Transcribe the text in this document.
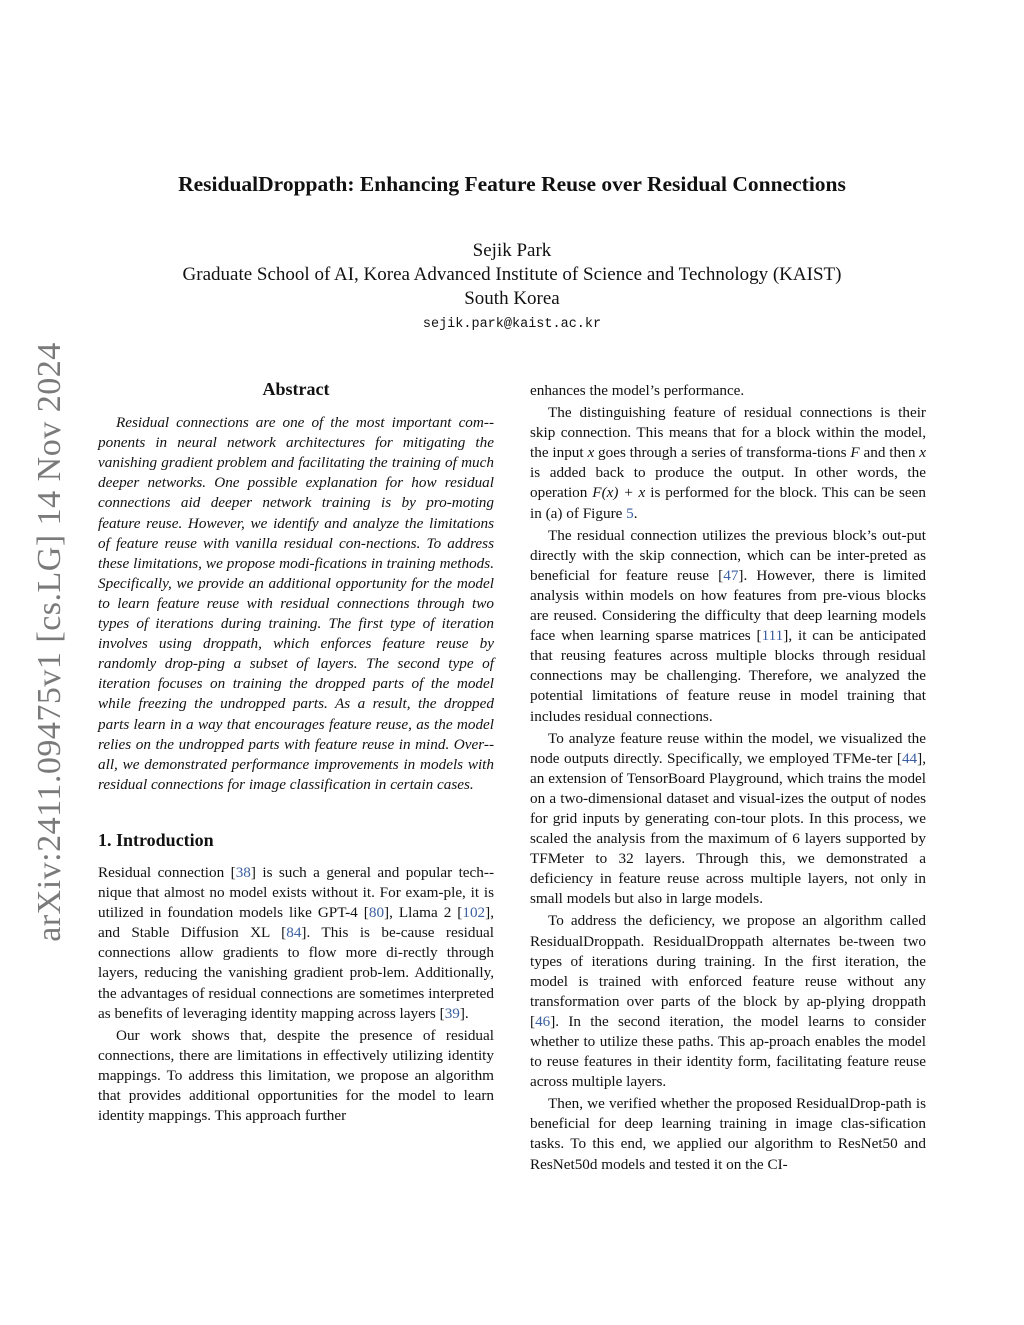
arXiv:2411.09475v1 [cs.LG] 14 Nov 2024
ResidualDroppath: Enhancing Feature Reuse over Residual Connections
Sejik Park
Graduate School of AI, Korea Advanced Institute of Science and Technology (KAIST)
South Korea
sejik.park@kaist.ac.kr
Abstract

Residual connections are one of the most important com-ponents in neural network architectures for mitigating the vanishing gradient problem and facilitating the training of much deeper networks. One possible explanation for how residual connections aid deeper network training is by pro-moting feature reuse. However, we identify and analyze the limitations of feature reuse with vanilla residual con-nections. To address these limitations, we propose modi-fications in training methods. Specifically, we provide an additional opportunity for the model to learn feature reuse with residual connections through two types of iterations during training. The first type of iteration involves using droppath, which enforces feature reuse by randomly drop-ping a subset of layers. The second type of iteration focuses on training the dropped parts of the model while freezing the undropped parts. As a result, the dropped parts learn in a way that encourages feature reuse, as the model relies on the undropped parts with feature reuse in mind. Over-all, we demonstrated performance improvements in models with residual connections for image classification in certain cases.

1. Introduction

Residual connection [38] is such a general and popular tech-nique that almost no model exists without it. For exam-ple, it is utilized in foundation models like GPT-4 [80], Llama 2 [102], and Stable Diffusion XL [84]. This is be-cause residual connections allow gradients to flow more di-rectly through layers, reducing the vanishing gradient prob-lem. Additionally, the advantages of residual connections are sometimes interpreted as benefits of leveraging identity mapping across layers [39].

Our work shows that, despite the presence of residual connections, there are limitations in effectively utilizing identity mappings. To address this limitation, we propose an algorithm that provides additional opportunities for the model to learn identity mappings. This approach further

enhances the model’s performance.

The distinguishing feature of residual connections is their skip connection. This means that for a block within the model, the input x goes through a series of transforma-tions F and then x is added back to produce the output. In other words, the operation F(x) + x is performed for the block. This can be seen in (a) of Figure 5.

The residual connection utilizes the previous block’s out-put directly with the skip connection, which can be inter-preted as beneficial for feature reuse [47]. However, there is limited analysis within models on how features from pre-vious blocks are reused. Considering the difficulty that deep learning models face when learning sparse matrices [111], it can be anticipated that reusing features across multiple blocks through residual connections may be challenging. Therefore, we analyzed the potential limitations of feature reuse in model training that includes residual connections.

To analyze feature reuse within the model, we visualized the node outputs directly. Specifically, we employed TFMe-ter [44], an extension of TensorBoard Playground, which trains the model on a two-dimensional dataset and visual-izes the output of nodes for grid inputs by generating con-tour plots. In this process, we scaled the analysis from the maximum of 6 layers supported by TFMeter to 32 layers. Through this, we demonstrated a deficiency in feature reuse across multiple layers, not only in small models but also in large models.

To address the deficiency, we propose an algorithm called ResidualDroppath. ResidualDroppath alternates be-tween two types of iterations during training. In the first iteration, the model is trained with enforced feature reuse without any transformation over parts of the block by ap-plying droppath [46]. In the second iteration, the model learns to consider whether to utilize these paths. This ap-proach enables the model to reuse features in their identity form, facilitating feature reuse across multiple layers.

Then, we verified whether the proposed ResidualDrop-path is beneficial for deep learning training in image clas-sification tasks. To this end, we applied our algorithm to ResNet50 and ResNet50d models and tested it on the CI-
